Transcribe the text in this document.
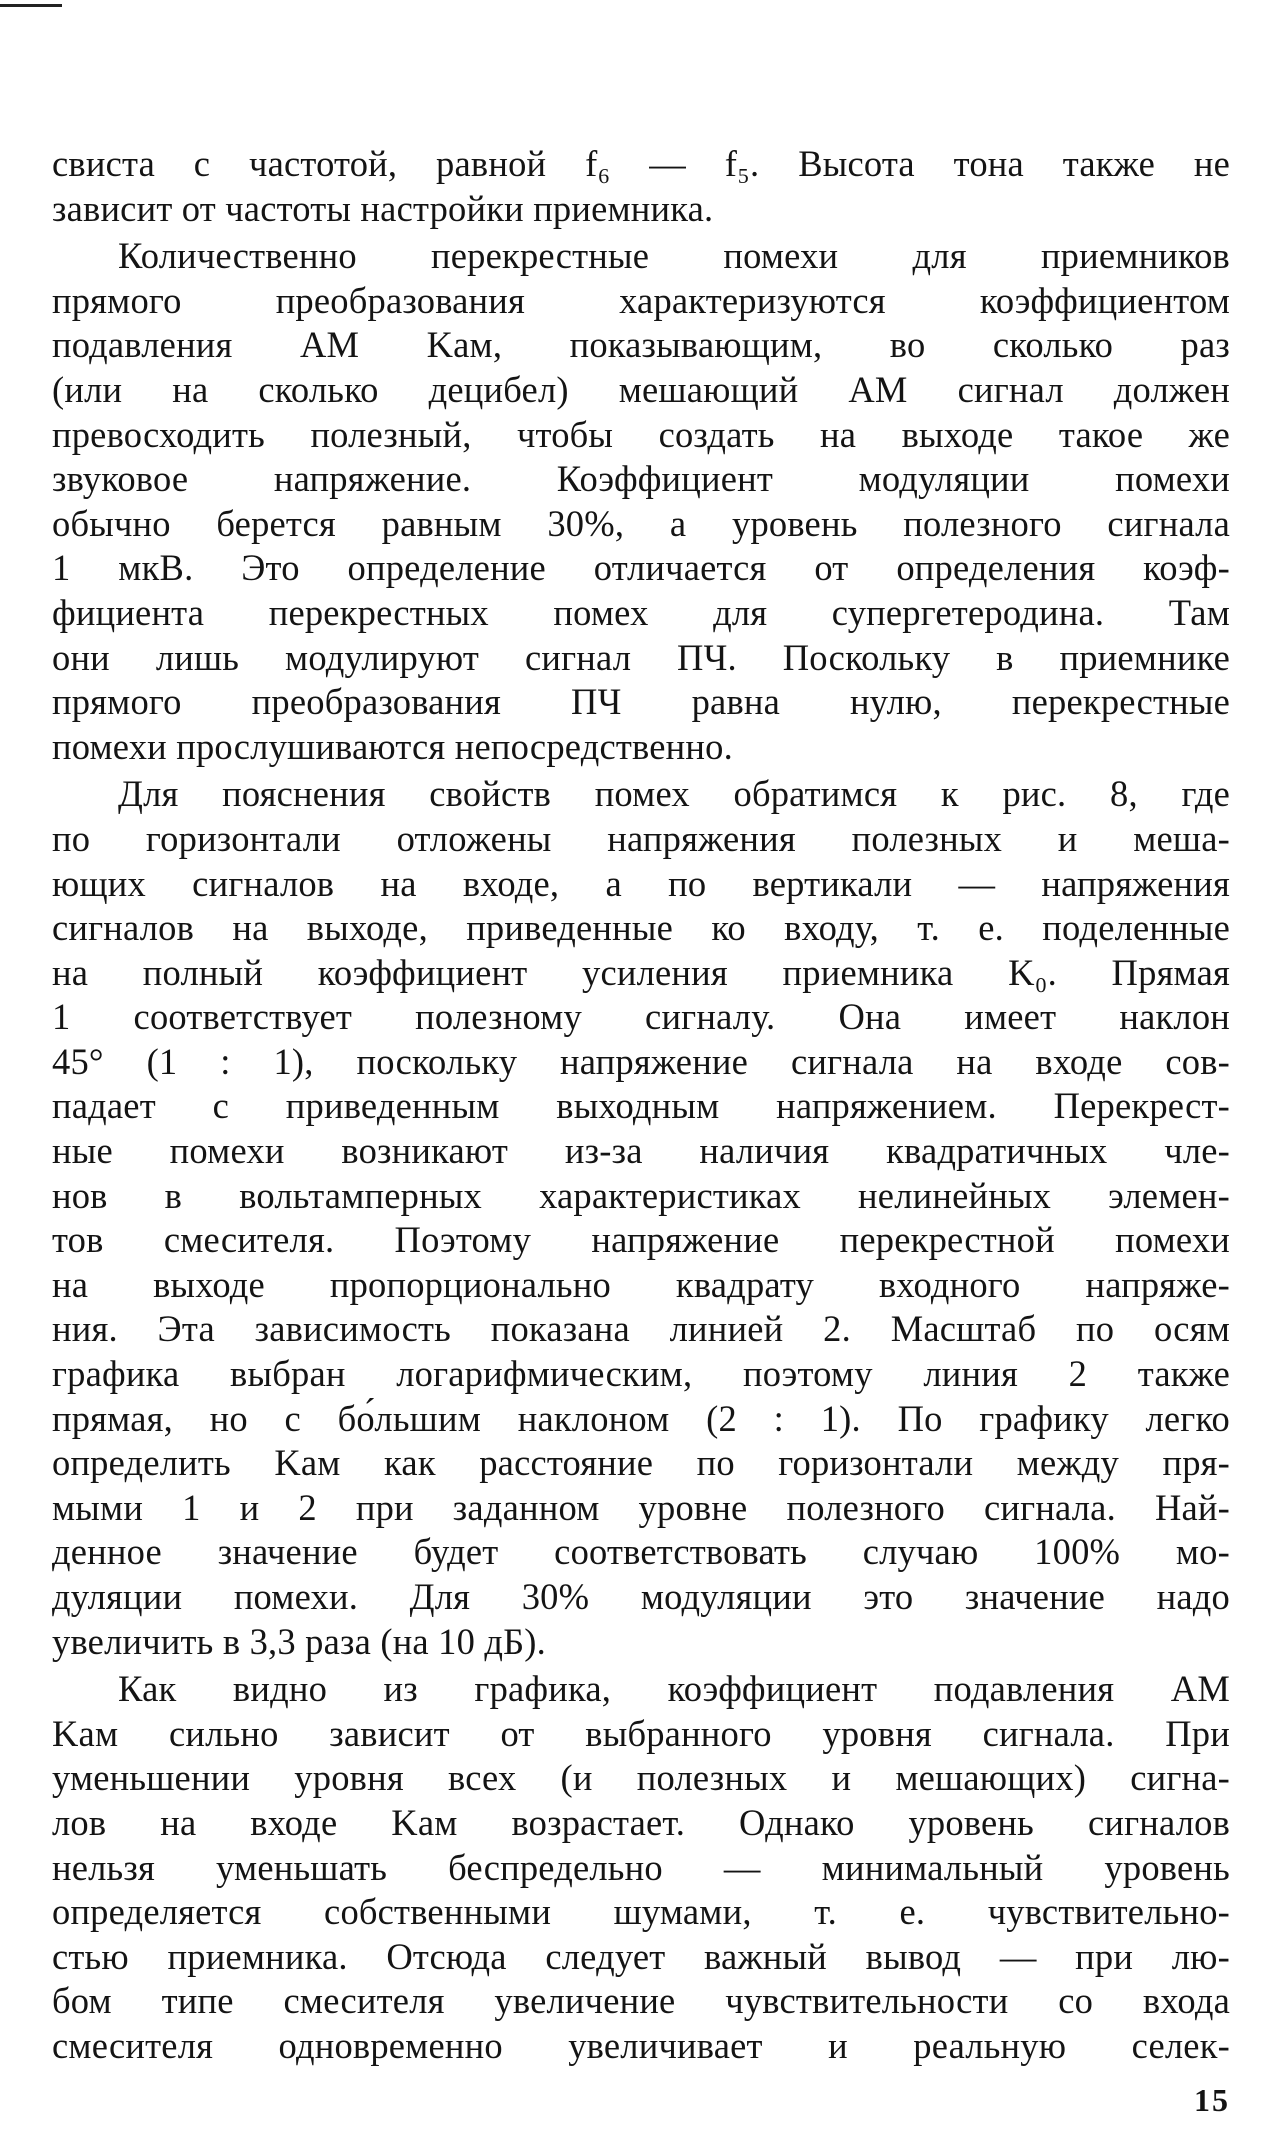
свиста с частотой, равной f₆ — f₅. Высота тона также не
зависит от частоты настройки приемника.
Количественно перекрестные помехи для приемников
прямого преобразования характеризуются коэффициентом
подавления AM Kам, показывающим, во сколько раз
(или на сколько децибел) мешающий AM сигнал должен
превосходить полезный, чтобы создать на выходе такое же
звуковое напряжение. Коэффициент модуляции помехи
обычно берется равным 30%, а уровень полезного сигнала
1 мкВ. Это определение отличается от определения коэф-
фициента перекрестных помех для супергетеродина. Там
они лишь модулируют сигнал ПЧ. Поскольку в приемнике
прямого преобразования ПЧ равна нулю, перекрестные
помехи прослушиваются непосредственно.
Для пояснения свойств помех обратимся к рис. 8, где
по горизонтали отложены напряжения полезных и меша-
ющих сигналов на входе, а по вертикали — напряжения
сигналов на выходе, приведенные ко входу, т. е. поделенные
на полный коэффициент усиления приемника K₀. Прямая
1 соответствует полезному сигналу. Она имеет наклон
45° (1 : 1), поскольку напряжение сигнала на входе сов-
падает с приведенным выходным напряжением. Перекрест-
ные помехи возникают из-за наличия квадратичных чле-
нов в вольтамперных характеристиках нелинейных элемен-
тов смесителя. Поэтому напряжение перекрестной помехи
на выходе пропорционально квадрату входного напряже-
ния. Эта зависимость показана линией 2. Масштаб по осям
графика выбран логарифмическим, поэтому линия 2 также
прямая, но с бо́льшим наклоном (2 : 1). По графику легко
определить Kам как расстояние по горизонтали между пря-
мыми 1 и 2 при заданном уровне полезного сигнала. Най-
денное значение будет соответствовать случаю 100% мо-
дуляции помехи. Для 30% модуляции это значение надо
увеличить в 3,3 раза (на 10 дБ).
Как видно из графика, коэффициент подавления AM
Kам сильно зависит от выбранного уровня сигнала. При
уменьшении уровня всех (и полезных и мешающих) сигна-
лов на входе Kам возрастает. Однако уровень сигналов
нельзя уменьшать беспредельно — минимальный уровень
определяется собственными шумами, т. е. чувствительно-
стью приемника. Отсюда следует важный вывод — при лю-
бом типе смесителя увеличение чувствительности со входа
смесителя одновременно увеличивает и реальную селек-
15
